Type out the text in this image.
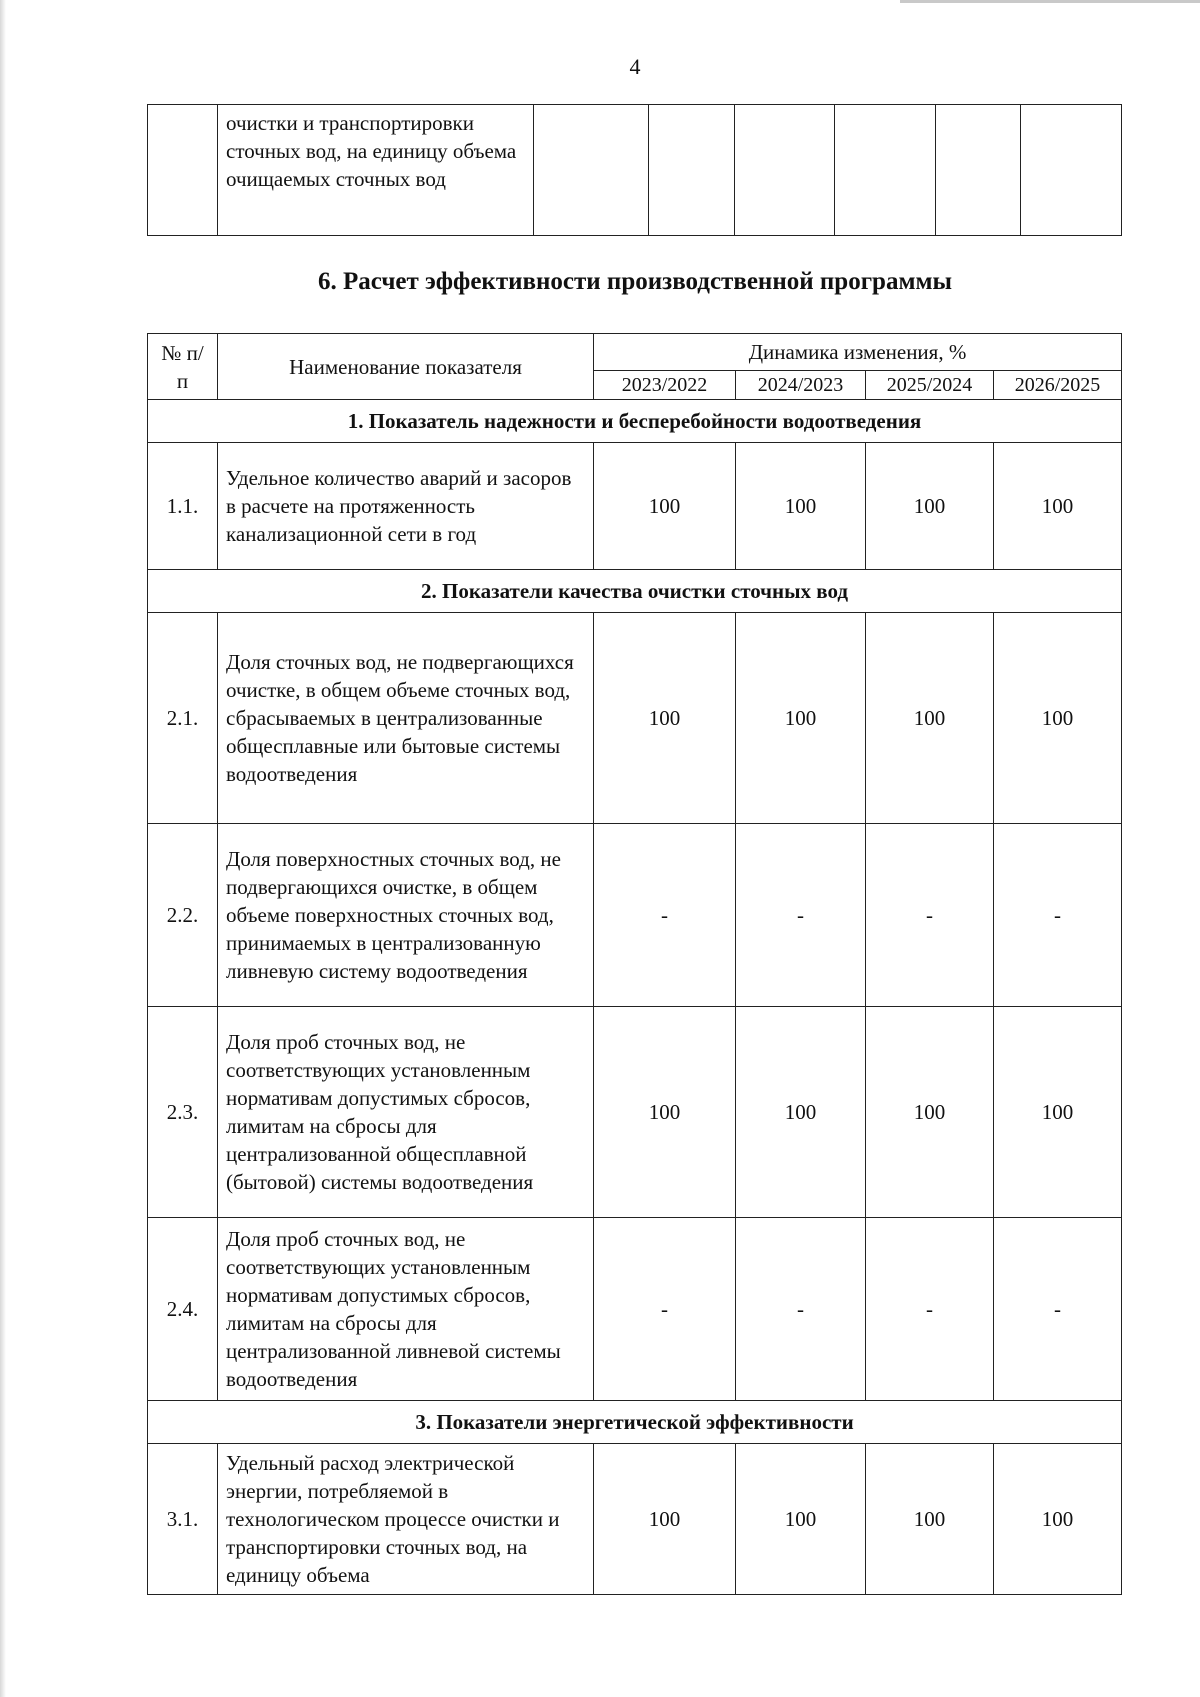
4
	очистки и транспортировки сточных вод, на единицу объема очищаемых сточных вод						
6. Расчет эффективности производственной программы
№ п/п	Наименование показателя	Динамика изменения, %			
		2023/2022	2024/2023	2025/2024	2026/2025
1. Показатель надежности и бесперебойности водоотведения					
1.1.	Удельное количество аварий и засоров в расчете на протяженность канализационной сети в год	100	100	100	100
2. Показатели качества очистки сточных вод					
2.1.	Доля сточных вод, не подвергающихся очистке, в общем объеме сточных вод, сбрасываемых в централизованные общесплавные или бытовые системы водоотведения	100	100	100	100
2.2.	Доля поверхностных сточных вод, не подвергающихся очистке, в общем объеме поверхностных сточных вод, принимаемых в централизованную ливневую систему водоотведения	-	-	-	-
2.3.	Доля проб сточных вод, не соответствующих установленным нормативам допустимых сбросов, лимитам на сбросы для централизованной общесплавной (бытовой) системы водоотведения	100	100	100	100
2.4.	Доля проб сточных вод, не соответствующих установленным нормативам допустимых сбросов, лимитам на сбросы для централизованной ливневой системы водоотведения	-	-	-	-
3. Показатели энергетической эффективности					
3.1.	Удельный расход электрической энергии, потребляемой в технологическом процессе очистки и транспортировки сточных вод, на единицу объема	100	100	100	100
